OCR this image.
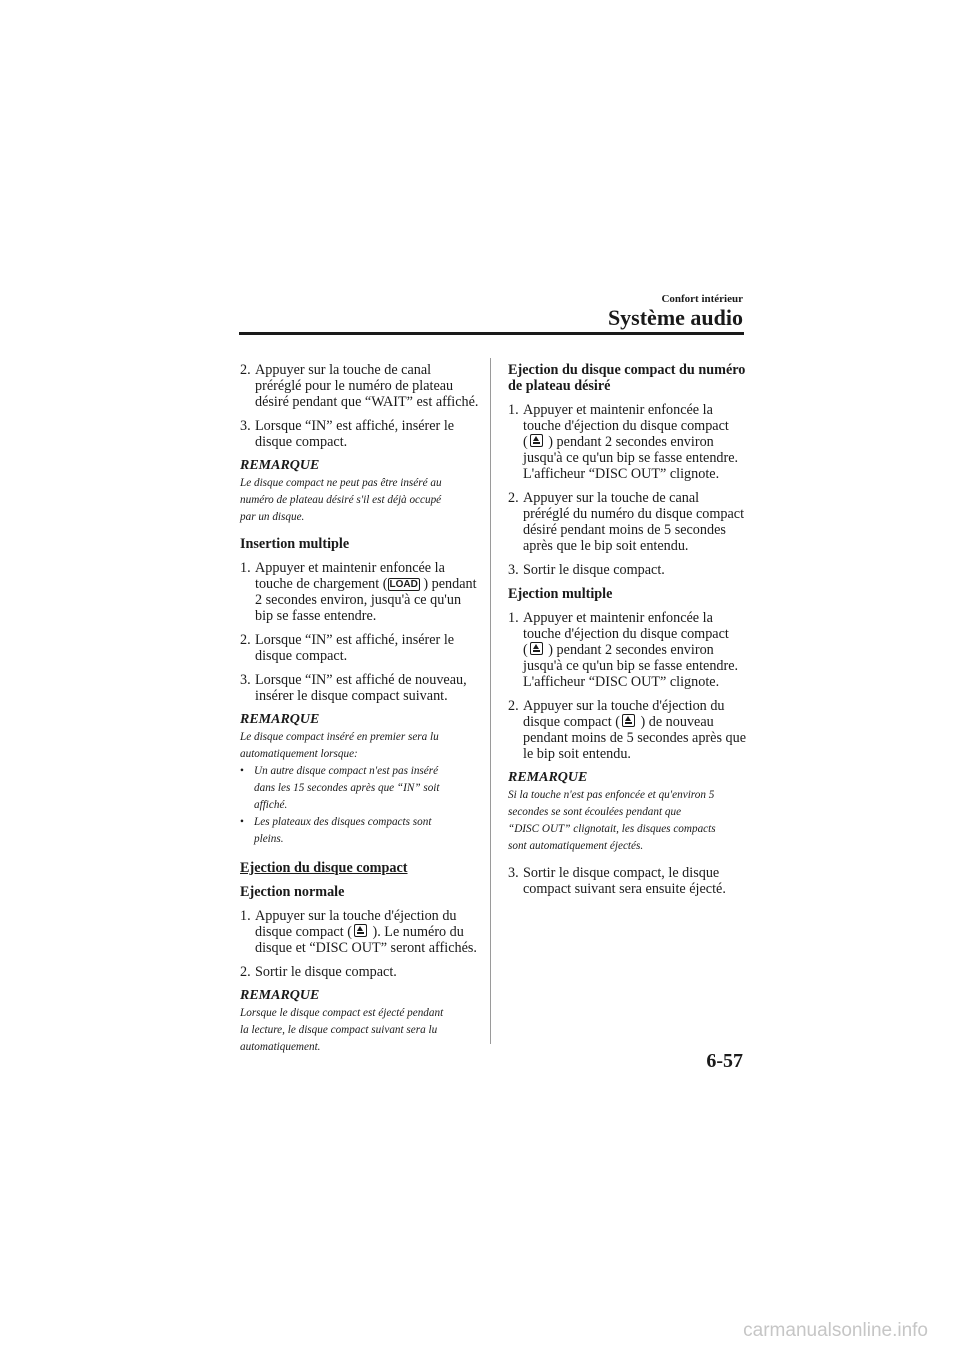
Confort intérieur
Système audio
2. Appuyer sur la touche de canal
préréglé pour le numéro de plateau
désiré pendant que “WAIT” est affiché.
3. Lorsque “IN” est affiché, insérer le
disque compact.
REMARQUE
Le disque compact ne peut pas être inséré au
numéro de plateau désiré s'il est déjà occupé
par un disque.
Insertion multiple
1. Appuyer et maintenir enfoncée la
touche de chargement ( LOAD ) pendant
2 secondes environ, jusqu'à ce qu'un
bip se fasse entendre.
2. Lorsque “IN” est affiché, insérer le
disque compact.
3. Lorsque “IN” est affiché de nouveau,
insérer le disque compact suivant.
REMARQUE
Le disque compact inséré en premier sera lu
automatiquement lorsque:
• Un autre disque compact n'est pas inséré
dans les 15 secondes après que “IN” soit
affiché.
• Les plateaux des disques compacts sont
pleins.
Ejection du disque compact
Ejection normale
1. Appuyer sur la touche d'éjection du
disque compact ( ). Le numéro du
disque et “DISC OUT” seront affichés.
2. Sortir le disque compact.
REMARQUE
Lorsque le disque compact est éjecté pendant
la lecture, le disque compact suivant sera lu
automatiquement.
Ejection du disque compact du numéro
de plateau désiré
1. Appuyer et maintenir enfoncée la
touche d'éjection du disque compact
( ) pendant 2 secondes environ
jusqu'à ce qu'un bip se fasse entendre.
L'afficheur “DISC OUT” clignote.
2. Appuyer sur la touche de canal
préréglé du numéro du disque compact
désiré pendant moins de 5 secondes
après que le bip soit entendu.
3. Sortir le disque compact.
Ejection multiple
1. Appuyer et maintenir enfoncée la
touche d'éjection du disque compact
( ) pendant 2 secondes environ
jusqu'à ce qu'un bip se fasse entendre.
L'afficheur “DISC OUT” clignote.
2. Appuyer sur la touche d'éjection du
disque compact ( ) de nouveau
pendant moins de 5 secondes après que
le bip soit entendu.
REMARQUE
Si la touche n'est pas enfoncée et qu'environ 5
secondes se sont écoulées pendant que
“DISC OUT” clignotait, les disques compacts
sont automatiquement éjectés.
3. Sortir le disque compact, le disque
compact suivant sera ensuite éjecté.
6-57
carmanualsonline.info
